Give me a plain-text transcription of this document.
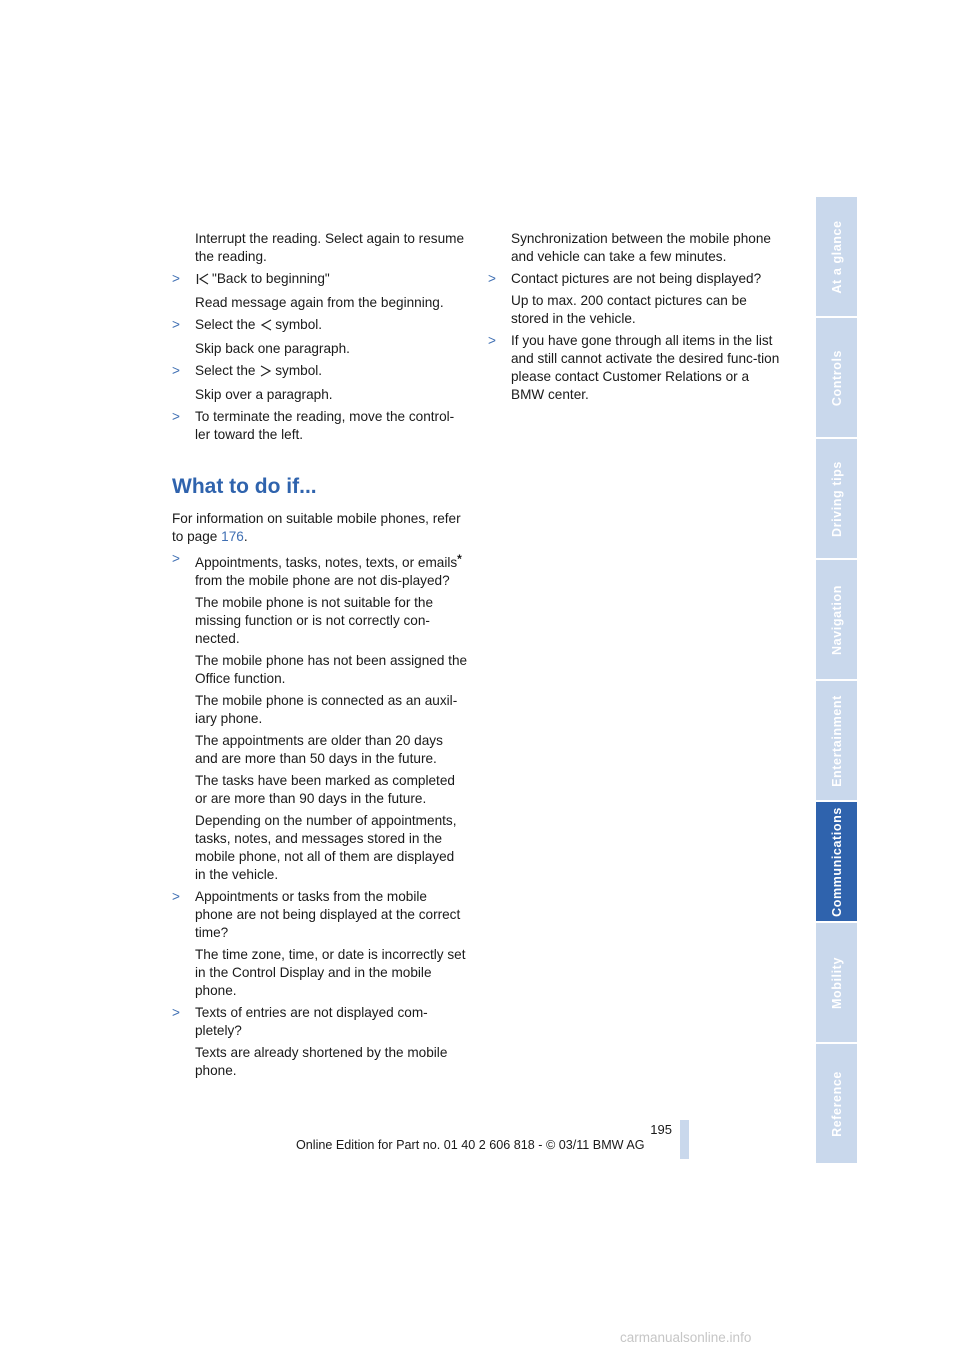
Interrupt the reading. Select again to resume the reading.

> "Back to beginning"

Read message again from the beginning.

> Select the symbol.

Skip back one paragraph.

> Select the symbol.

Skip over a paragraph.

> To terminate the reading, move the control-ler toward the left.
What to do if...

For information on suitable mobile phones, refer to page 176.

> Appointments, tasks, notes, texts, or emails* from the mobile phone are not dis-played?

The mobile phone is not suitable for the missing function or is not correctly con-nected.

The mobile phone has not been assigned the Office function.

The mobile phone is connected as an auxil-iary phone.

The appointments are older than 20 days and are more than 50 days in the future.

The tasks have been marked as completed or are more than 90 days in the future.

Depending on the number of appointments, tasks, notes, and messages stored in the mobile phone, not all of them are displayed in the vehicle.

> Appointments or tasks from the mobile phone are not being displayed at the correct time?

The time zone, time, or date is incorrectly set in the Control Display and in the mobile phone.

> Texts of entries are not displayed com-pletely?

Texts are already shortened by the mobile phone.

Synchronization between the mobile phone and vehicle can take a few minutes.

> Contact pictures are not being displayed?

Up to max. 200 contact pictures can be stored in the vehicle.

> If you have gone through all items in the list and still cannot activate the desired func-tion please contact Customer Relations or a BMW center.
At a glance
Controls
Driving tips
Navigation
Entertainment
Communications
Mobility
Reference
195
Online Edition for Part no. 01 40 2 606 818 - © 03/11 BMW AG
carmanualsonline.info
